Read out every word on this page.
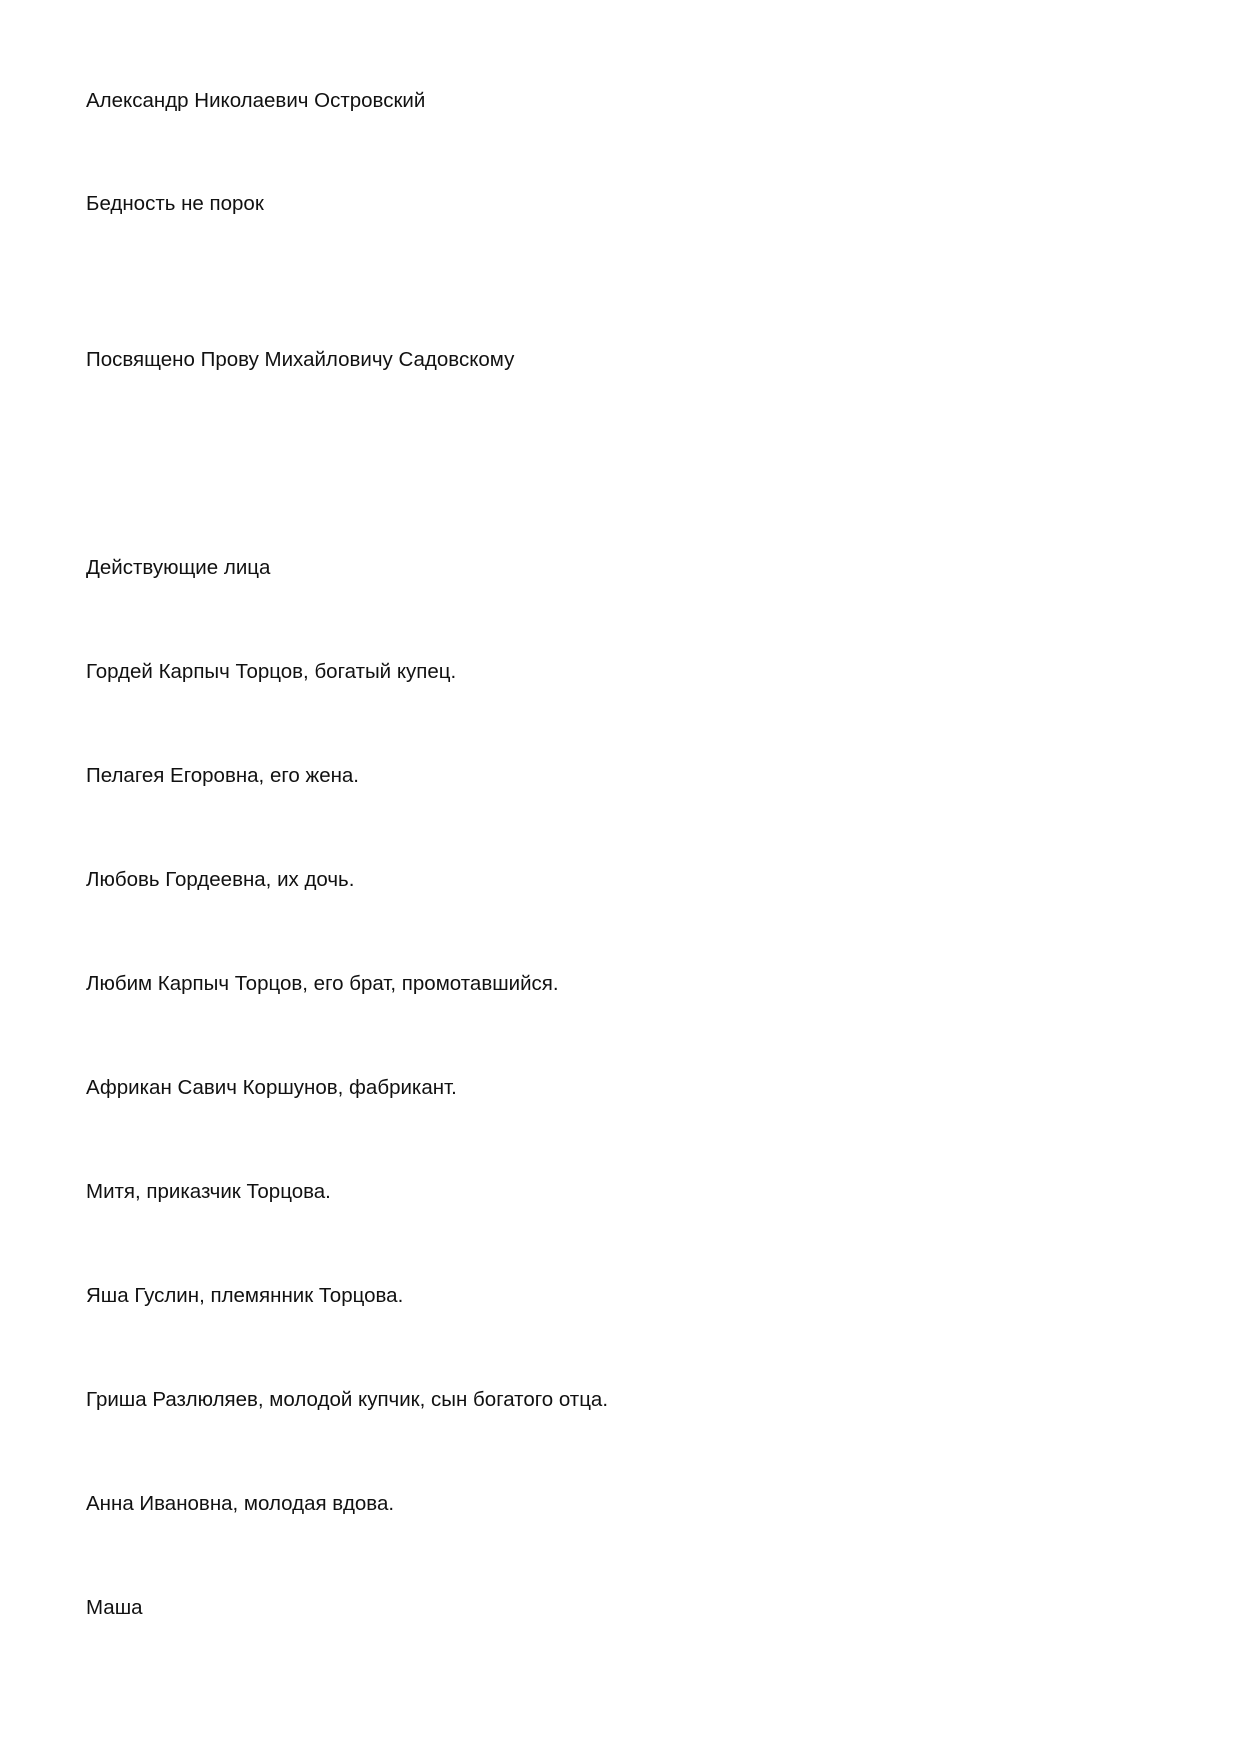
Александр Николаевич Островский

Бедность не порок

Посвящено Прову Михайловичу Садовскому

Действующие лица

Гордей Карпыч Торцов, богатый купец.

Пелагея Егоровна, его жена.

Любовь Гордеевна, их дочь.

Любим Карпыч Торцов, его брат, промотавшийся.

Африкан Савич Коршунов, фабрикант.

Митя, приказчик Торцова.

Яша Гуслин, племянник Торцова.

Гриша Разлюляев, молодой купчик, сын богатого отца.

Анна Ивановна, молодая вдова.

Маша
